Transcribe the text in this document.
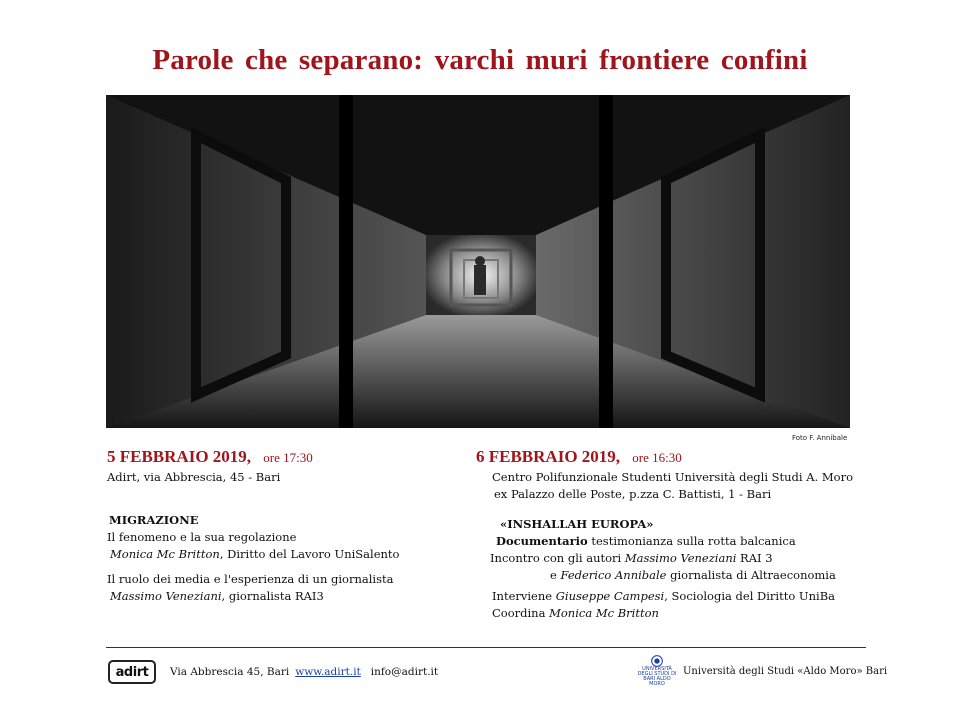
Parole che separano: varchi muri frontiere confini
Foto F. Annibale
5 FEBBRAIO 2019, ore 17:30
Adirt, via Abbrescia, 45 - Bari
MIGRAZIONE
Il fenomeno e la sua regolazione
Monica Mc Britton, Diritto del Lavoro UniSalento
Il ruolo dei media e l'esperienza di un giornalista
Massimo Veneziani, giornalista RAI3
6 FEBBRAIO 2019, ore 16:30
Centro Polifunzionale Studenti Università degli Studi A. Moro
ex Palazzo delle Poste, p.zza C. Battisti, 1 - Bari
«INSHALLAH EUROPA»
Documentario testimonianza sulla rotta balcanica
Incontro con gli autori Massimo Veneziani RAI 3
e Federico Annibale giornalista di Altraeconomia
Interviene Giuseppe Campesi, Sociologia del Diritto UniBa
Coordina Monica Mc Britton
adirt	Via Abbrescia 45, Bari www.adirt.it info@adirt.it	UNIVERSITÀ DEGLI STUDI DI BARI ALDO MORO
Università degli Studi «Aldo Moro» Bari
